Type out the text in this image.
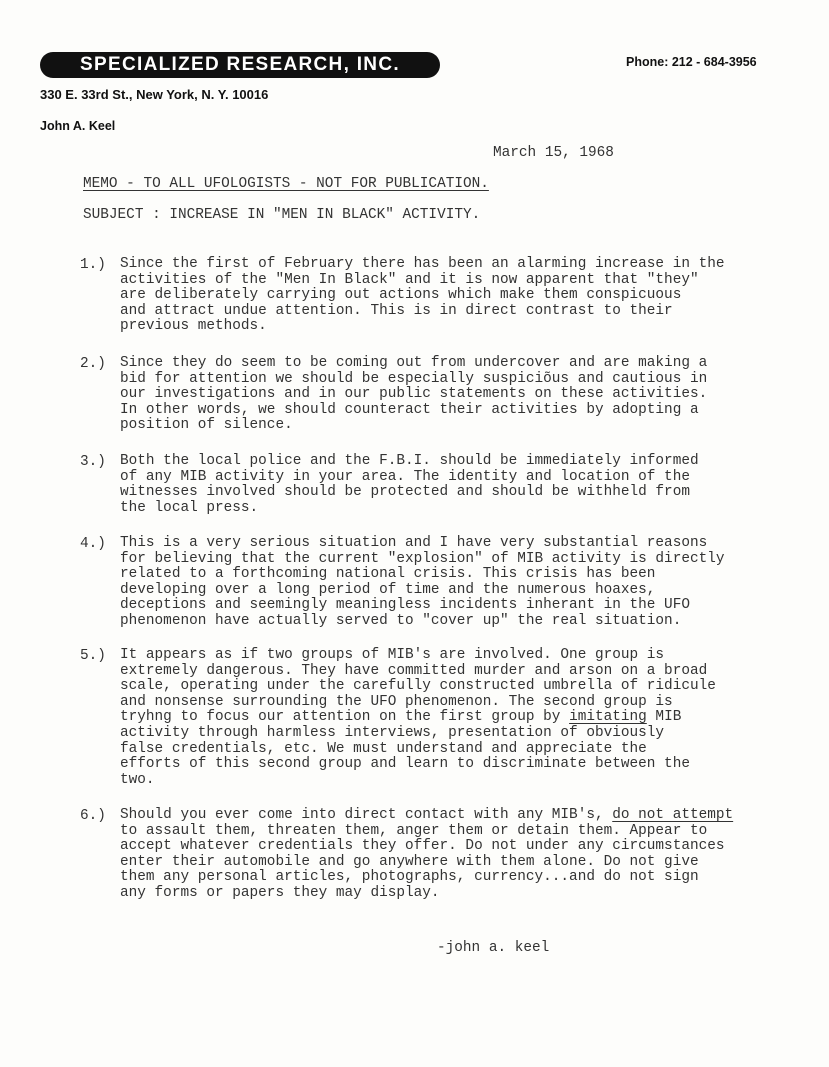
SPECIALIZED RESEARCH, INC.	Phone: 212 - 684-3956
330 E. 33rd St., New York, N. Y. 10016
John A. Keel
March 15, 1968
MEMO - TO ALL UFOLOGISTS - NOT FOR PUBLICATION.
SUBJECT : INCREASE IN "MEN IN BLACK" ACTIVITY.
1.) Since the first of February there has been an alarming increase in the
activities of the "Men In Black" and it is now apparent that "they"
are deliberately carrying out actions which make them conspicuous
and attract undue attention. This is in direct contrast to their
previous methods.
2.) Since they do seem to be coming out from undercover and are making a
bid for attention we should be especially suspiciõus and cautious in
our investigations and in our public statements on these activities.
In other words, we should counteract their activities by adopting a
position of silence.
3.) Both the local police and the F.B.I. should be immediately informed
of any MIB activity in your area. The identity and location of the
witnesses involved should be protected and should be withheld from
the local press.
4.) This is a very serious situation and I have very substantial reasons
for believing that the current "explosion" of MIB activity is directly
related to a forthcoming national crisis. This crisis has been
developing over a long period of time and the numerous hoaxes,
deceptions and seemingly meaningless incidents inherant in the UFO
phenomenon have actually served to "cover up" the real situation.
5.) It appears as if two groups of MIB's are involved. One group is
extremely dangerous. They have committed murder and arson on a broad
scale, operating under the carefully constructed umbrella of ridicule
and nonsense surrounding the UFO phenomenon. The second group is
tryhng to focus our attention on the first group by imitating MIB
activity through harmless interviews, presentation of obviously
false credentials, etc. We must understand and appreciate the
efforts of this second group and learn to discriminate between the
two.
6.) Should you ever come into direct contact with any MIB's, do not attempt
to assault them, threaten them, anger them or detain them. Appear to
accept whatever credentials they offer. Do not under any circumstances
enter their automobile and go anywhere with them alone. Do not give
them any personal articles, photographs, currency...and do not sign
any forms or papers they may display.
-john a. keel
